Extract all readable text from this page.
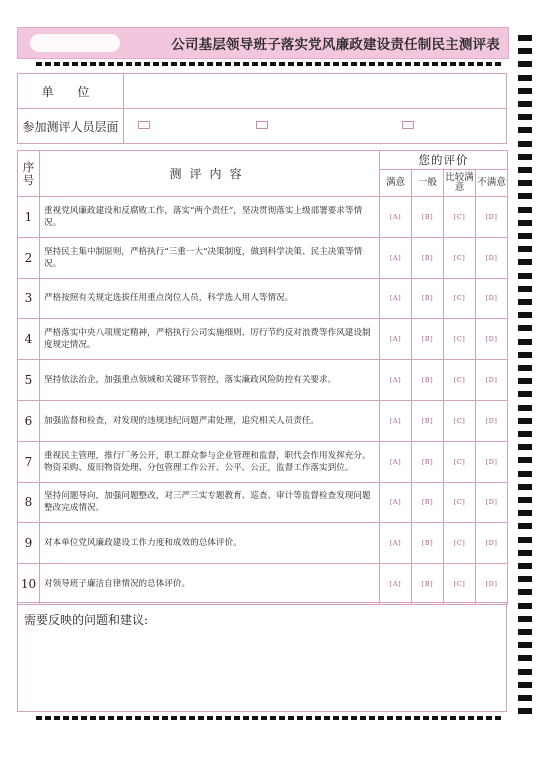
公司基层领导班子落实党风廉政建设责任制民主测评表
单 位	
参加测评人员层面	
序号	测评内容	您的评价			
		满意	一般	比较满意	不满意
1	重视党风廉政建设和反腐败工作，落实“两个责任”，坚决贯彻落实上级部署要求等情况。	[A]	[B]	[C]	[D]
2	坚持民主集中制原则，严格执行“三重一大”决策制度，做到科学决策、民主决策等情况。	[A]	[B]	[C]	[D]
3	严格按照有关规定选拔任用重点岗位人员，科学选人用人等情况。	[A]	[B]	[C]	[D]
4	严格落实中央八项规定精神，严格执行公司实施细则、厉行节约反对浪费等作风建设制度规定情况。	[A]	[B]	[C]	[D]
5	坚持依法治企，加强重点领域和关键环节管控，落实廉政风险防控有关要求。	[A]	[B]	[C]	[D]
6	加强监督和检查，对发现的违规违纪问题严肃处理，追究相关人员责任。	[A]	[B]	[C]	[D]
7	重视民主管理，推行厂务公开，职工群众参与企业管理和监督，职代会作用发挥充分。物资采购、废旧物资处理、分包管理工作公开、公平、公正，监督工作落实到位。	[A]	[B]	[C]	[D]
8	坚持问题导向，加强问题整改，对三严三实专题教育、巡查、审计等监督检查发现问题整改完成情况。	[A]	[B]	[C]	[D]
9	对本单位党风廉政建设工作力度和成效的总体评价。	[A]	[B]	[C]	[D]
10	对领导班子廉洁自律情况的总体评价。	[A]	[B]	[C]	[D]
需要反映的问题和建议:
